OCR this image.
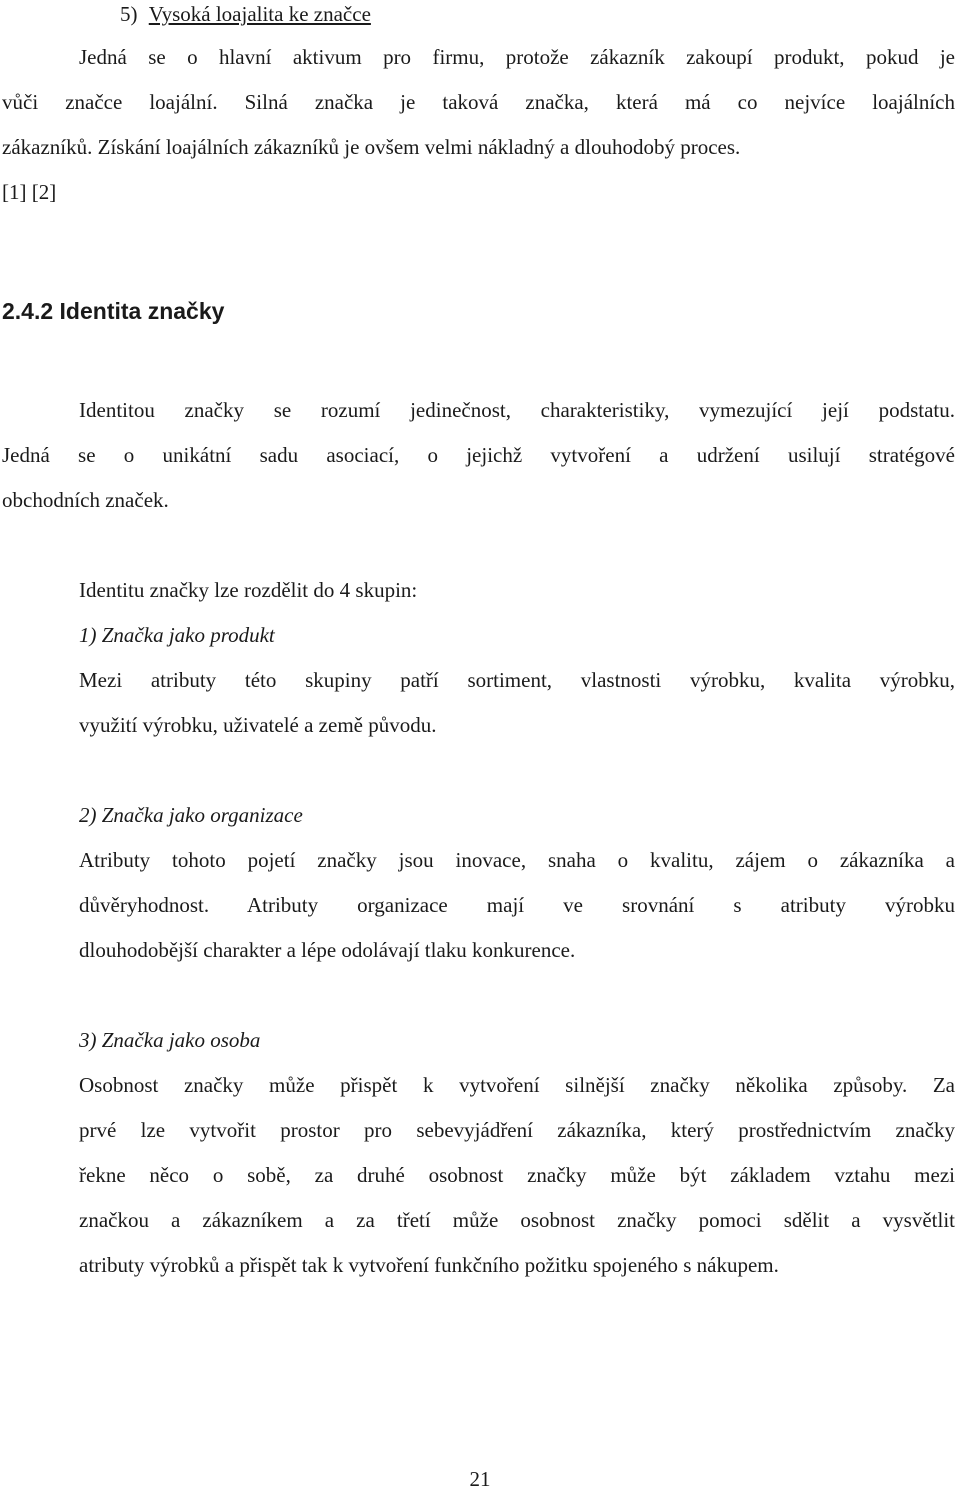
5) Vysoká loajalita ke značce
Jedná se o hlavní aktivum pro firmu, protože zákazník zakoupí produkt, pokud je
vůči značce loajální. Silná značka je taková značka, která má co nejvíce loajálních
zákazníků. Získání loajálních zákazníků je ovšem velmi nákladný a dlouhodobý proces.
[1] [2]
2.4.2 Identita značky
Identitou značky se rozumí jedinečnost, charakteristiky, vymezující její podstatu.
Jedná se o unikátní sadu asociací, o jejichž vytvoření a udržení usilují stratégové
obchodních značek.
Identitu značky lze rozdělit do 4 skupin:
1) Značka jako produkt
Mezi atributy této skupiny patří sortiment, vlastnosti výrobku, kvalita výrobku,
využití výrobku, uživatelé a země původu.
2) Značka jako organizace
Atributy tohoto pojetí značky jsou inovace, snaha o kvalitu, zájem o zákazníka a
důvěryhodnost. Atributy organizace mají ve srovnání s atributy výrobku
dlouhodobější charakter a lépe odolávají tlaku konkurence.
3) Značka jako osoba
Osobnost značky může přispět k vytvoření silnější značky několika způsoby. Za
prvé lze vytvořit prostor pro sebevyjádření zákazníka, který prostřednictvím značky
řekne něco o sobě, za druhé osobnost značky může být základem vztahu mezi
značkou a zákazníkem a za třetí může osobnost značky pomoci sdělit a vysvětlit
atributy výrobků a přispět tak k vytvoření funkčního požitku spojeného s nákupem.
21
